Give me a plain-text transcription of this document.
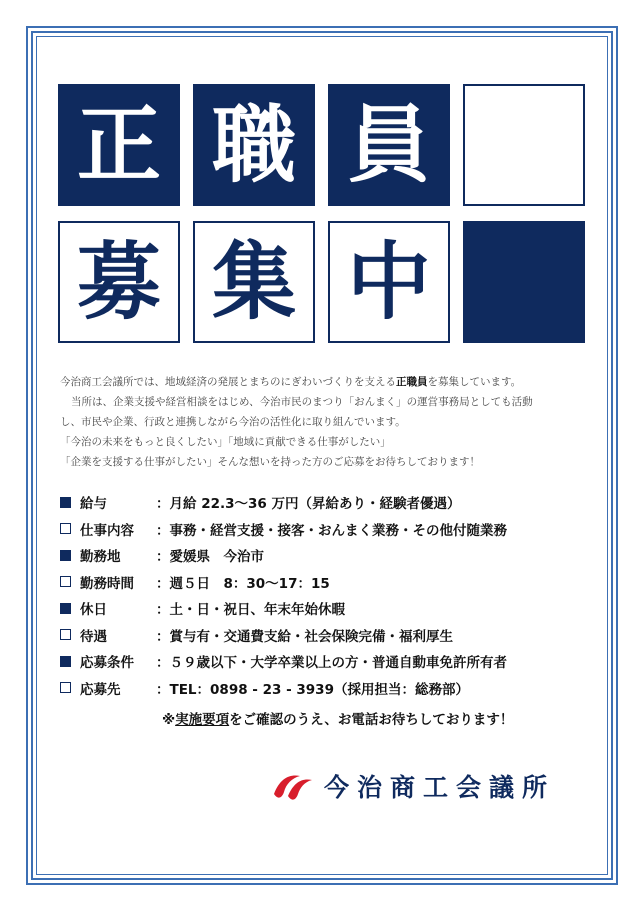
正 職 員
募 集 中

今治商工会議所では、地域経済の発展とまちのにぎわいづくりを支える正職員を募集しています。

当所は、企業支援や経営相談をはじめ、今治市民のまつり「おんまく」の運営事務局としても活動

し、市民や企業、行政と連携しながら今治の活性化に取り組んでいます。

「今治の未来をもっと良くしたい」「地域に貢献できる仕事がしたい」

「企業を支援する仕事がしたい」そんな想いを持った方のご応募をお待ちしております！

給与	：月給 22.3～36 万円（昇給あり・経験者優遇）
仕事内容	：事務・経営支援・接客・おんまく業務・その他付随業務
勤務地	：愛媛県　今治市
勤務時間	：週５日　8：30～17：15
休日	：土・日・祝日、年末年始休暇
待遇	：賞与有・交通費支給・社会保険完備・福利厚生
応募条件	：５９歳以下・大学卒業以上の方・普通自動車免許所有者
応募先	：TEL：0898 - 23 - 3939（採用担当：総務部）
※実施要項をご確認のうえ、お電話お待ちしております！
今治商工会議所
